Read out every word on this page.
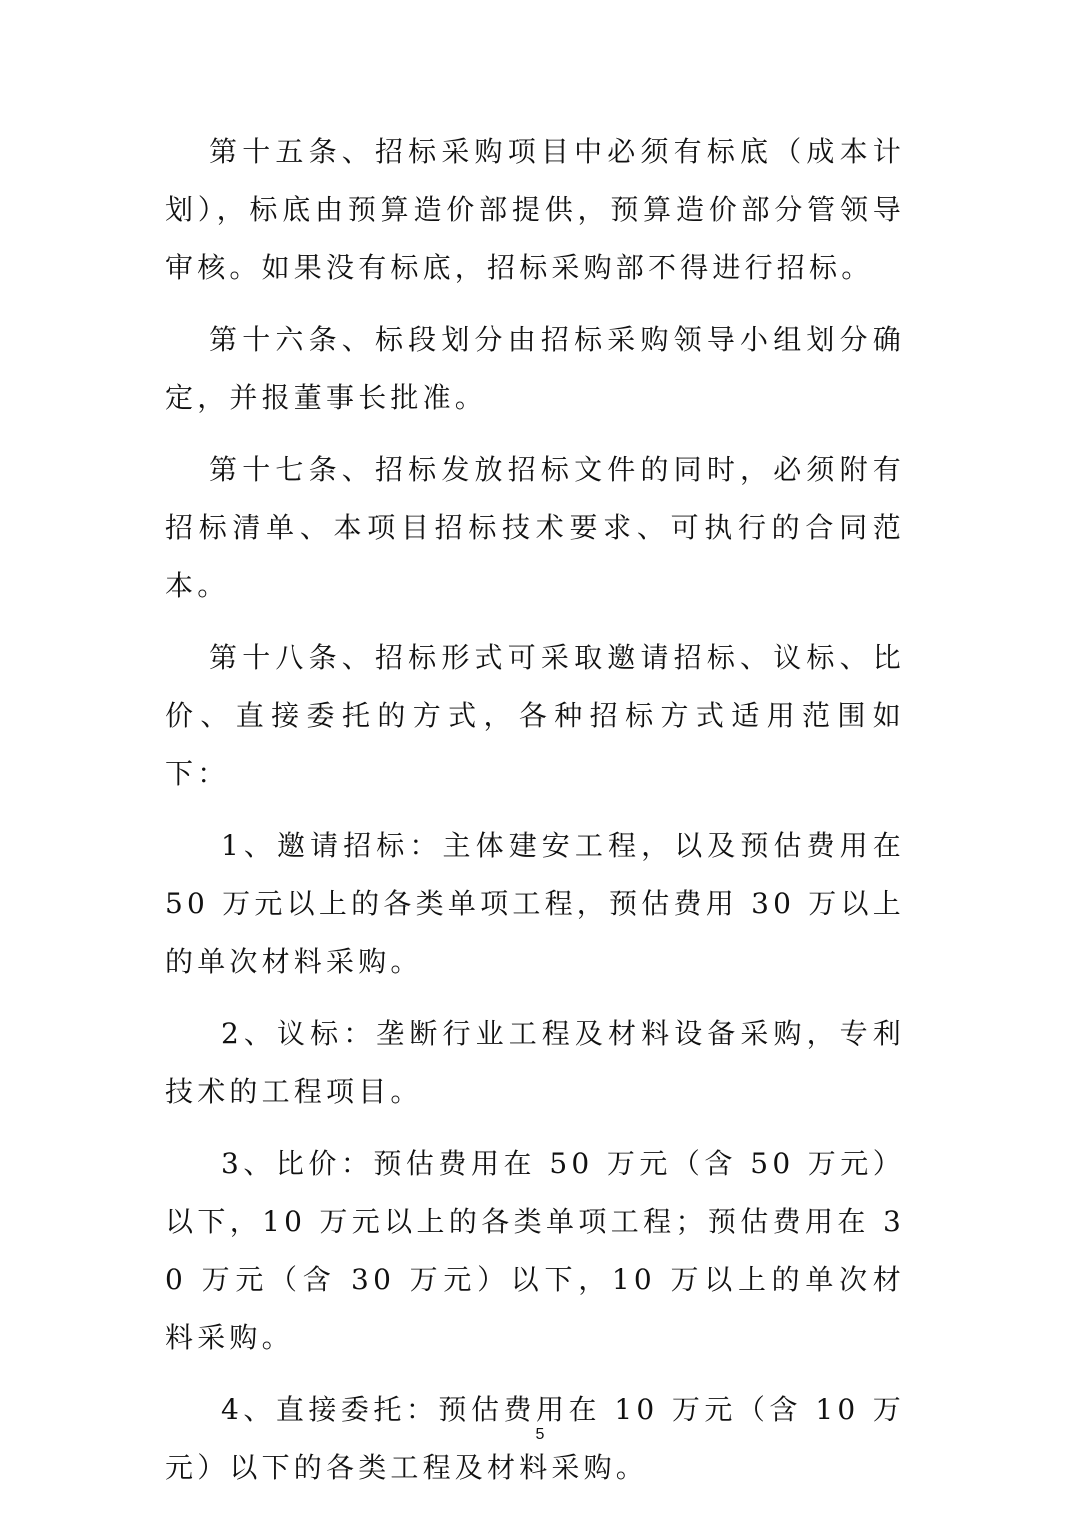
第十五条、招标采购项目中必须有标底（成本计划），标底由预算造价部提供，预算造价部分管领导审核。如果没有标底，招标采购部不得进行招标。

第十六条、标段划分由招标采购领导小组划分确定，并报董事长批准。

第十七条、招标发放招标文件的同时，必须附有招标清单、本项目招标技术要求、可执行的合同范本。

第十八条、招标形式可采取邀请招标、议标、比价、直接委托的方式，各种招标方式适用范围如下：

1、邀请招标：主体建安工程，以及预估费用在 50 万元以上的各类单项工程，预估费用 30 万以上的单次材料采购。

2、议标：垄断行业工程及材料设备采购，专利技术的工程项目。

3、比价：预估费用在 50 万元（含 50 万元）以下，10 万元以上的各类单项工程；预估费用在 30 万元（含 30 万元）以下，10 万以上的单次材料采购。

4、直接委托：预估费用在 10 万元（含 10 万元）以下的各类工程及材料采购。

5
